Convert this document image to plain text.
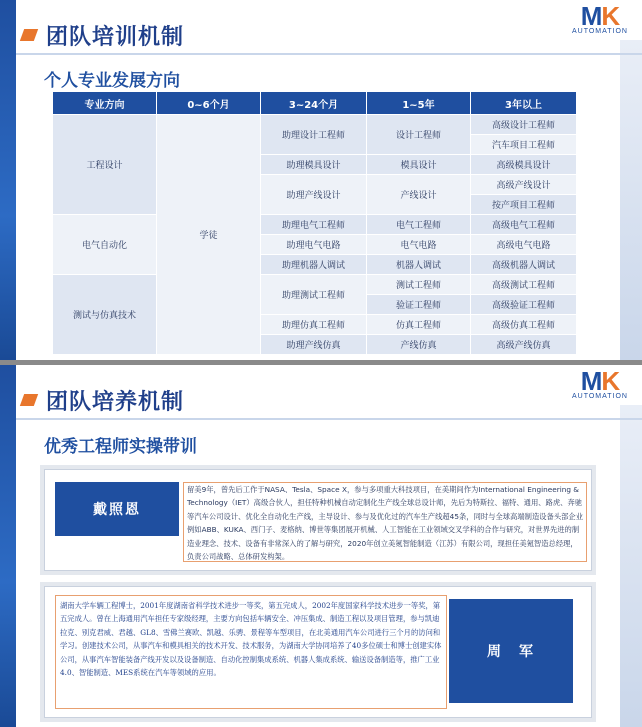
团队培训机制
MK
AUTOMATION
个人专业发展方向
专业方向	0~6个月	3~24个月	1~5年	3年以上
工程设计	学徒	助理设计工程师	设计工程师	高级设计工程师
				汽车项目工程师
		助理模具设计	模具设计	高级模具设计
		助理产线设计	产线设计	高级产线设计
				按产项目工程师
电气自动化		助理电气工程师	电气工程师	高级电气工程师
		助理电气电路	电气电路	高级电气电路
		助理机器人调试	机器人调试	高级机器人调试
测试与仿真技术		助理测试工程师	测试工程师	高级测试工程师
			验证工程师	高级验证工程师
		助理仿真工程师	仿真工程师	高级仿真工程师
		助理产线仿真	产线仿真	高级产线仿真
团队培养机制
MK
AUTOMATION
优秀工程师实操带训
戴照恩
留美9年，曾先后工作于NASA、Tesla、Space X，参与多项重大科技项目，在美期间作为International Engineering & Technology（IET）高级合伙人，担任特种机械自动定制化生产线全球总设计师，先后为特斯拉、福特、通用、路虎、奔驰等汽车公司设计、优化全自动化生产线，主导设计、参与及优化过的汽车生产线超45条，同时与全球高端制造设备头部企业例如ABB、KUKA、西门子、麦格纳、博世等集团展开机械、人工智能在工业领域交叉学科的合作与研究，对世界先进的制造业理念、技术、设备有非常深入的了解与研究，2020年创立美氪智能制造（江苏）有限公司，现担任美氪智造总经理，负责公司战略、总体研发构架。
湖南大学车辆工程博士，2001年度湖南省科学技术进步一等奖，第五完成人，2002年度国家科学技术进步一等奖，第五完成人。曾在上海通用汽车担任专家级经理，主要方向包括车辆安全、冲压集成、制造工程以及项目管理，参与凯迪拉克、别克君威、君越、GL8、雪佛兰赛欧、凯越、乐骋、景程等车型项目，在北美通用汽车公司进行三个月的访问和学习。创建技术公司，从事汽车和模具相关的技术开发、技术服务，为湖南大学协同培养了40多位硕士和博士创建实体公司，从事汽车智能装备产线开发以及设备制造、自动化控制集成系统、机器人集成系统、输送设备制造等，推广工业4.0、智能制造、MES系统在汽车等领域的应用。
周　军
